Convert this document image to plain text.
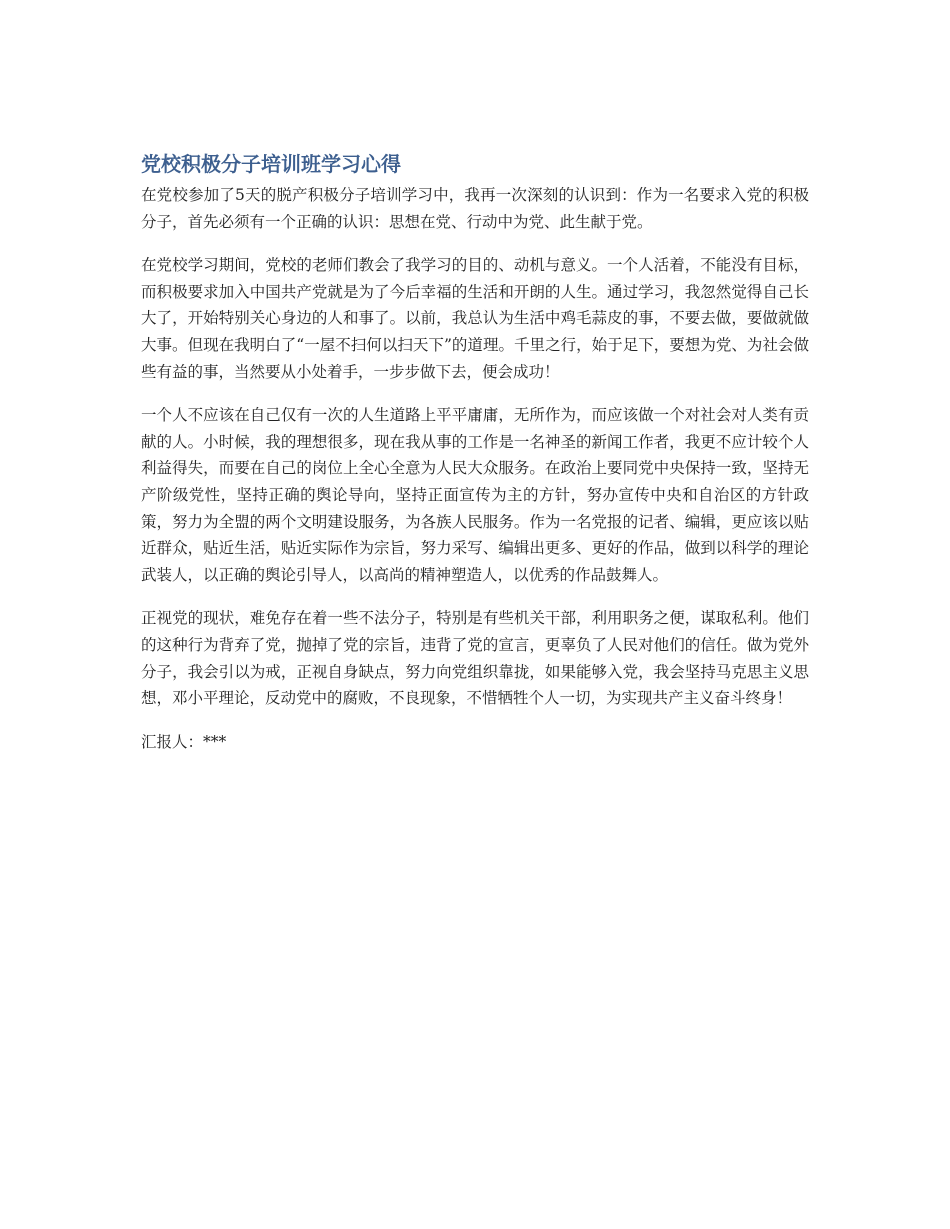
党校积极分子培训班学习心得

在党校参加了5天的脱产积极分子培训学习中，我再一次深刻的认识到：作为一名要求入党的积极分子，首先必须有一个正确的认识：思想在党、行动中为党、此生献于党。

在党校学习期间，党校的老师们教会了我学习的目的、动机与意义。一个人活着，不能没有目标，而积极要求加入中国共产党就是为了今后幸福的生活和开朗的人生。通过学习，我忽然觉得自己长大了，开始特别关心身边的人和事了。以前，我总认为生活中鸡毛蒜皮的事，不要去做，要做就做大事。但现在我明白了“一屋不扫何以扫天下”的道理。千里之行，始于足下，要想为党、为社会做些有益的事，当然要从小处着手，一步步做下去，便会成功！

一个人不应该在自己仅有一次的人生道路上平平庸庸，无所作为，而应该做一个对社会对人类有贡献的人。小时候，我的理想很多，现在我从事的工作是一名神圣的新闻工作者，我更不应计较个人利益得失，而要在自己的岗位上全心全意为人民大众服务。在政治上要同党中央保持一致，坚持无产阶级党性，坚持正确的舆论导向，坚持正面宣传为主的方针，努办宣传中央和自治区的方针政策，努力为全盟的两个文明建设服务，为各族人民服务。作为一名党报的记者、编辑，更应该以贴近群众，贴近生活，贴近实际作为宗旨，努力采写、编辑出更多、更好的作品，做到以科学的理论武装人，以正确的舆论引导人，以高尚的精神塑造人，以优秀的作品鼓舞人。

正视党的现状，难免存在着一些不法分子，特别是有些机关干部，利用职务之便，谋取私利。他们的这种行为背弃了党，抛掉了党的宗旨，违背了党的宣言，更辜负了人民对他们的信任。做为党外分子，我会引以为戒，正视自身缺点，努力向党组织靠拢，如果能够入党，我会坚持马克思主义思想，邓小平理论，反动党中的腐败，不良现象，不惜牺牲个人一切，为实现共产主义奋斗终身！

汇报人：***
